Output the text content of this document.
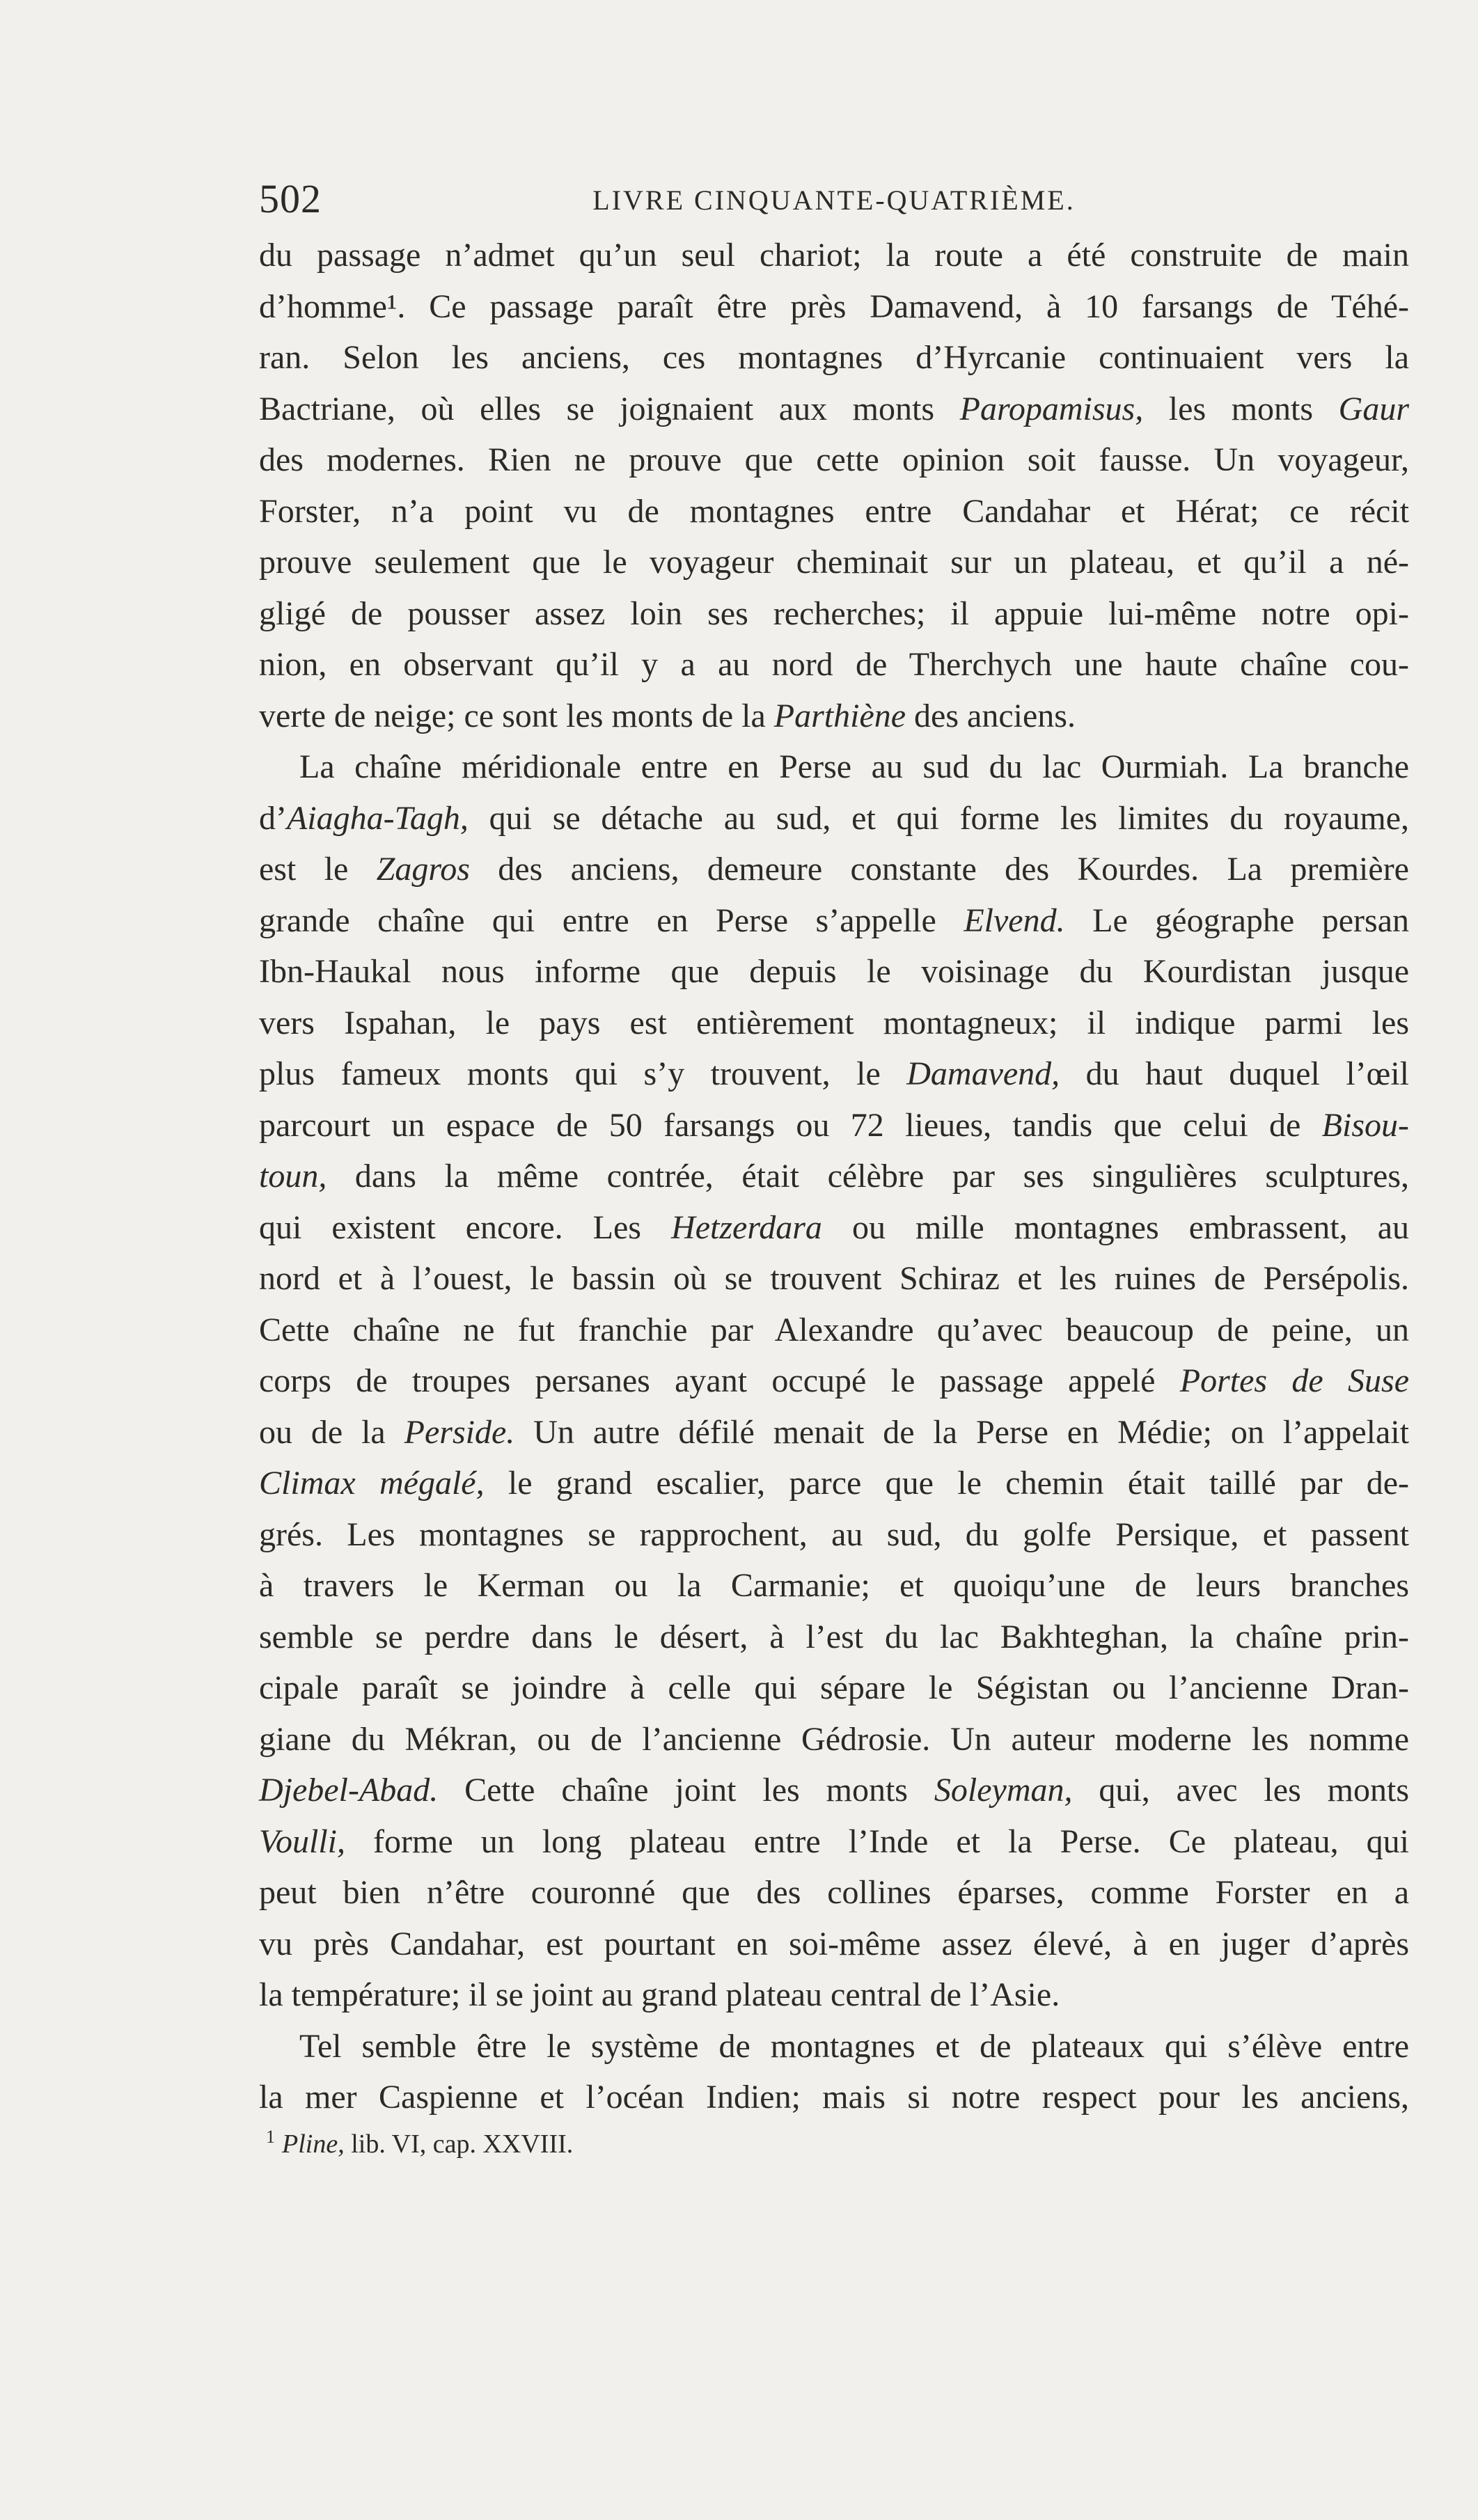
502	LIVRE CINQUANTE-QUATRIÈME.
du passage n’admet qu’un seul chariot; la route a été construite de main
d’homme¹. Ce passage paraît être près Damavend, à 10 farsangs de Téhé-
ran. Selon les anciens, ces montagnes d’Hyrcanie continuaient vers la
Bactriane, où elles se joignaient aux monts Paropamisus, les monts Gaur
des modernes. Rien ne prouve que cette opinion soit fausse. Un voyageur,
Forster, n’a point vu de montagnes entre Candahar et Hérat; ce récit
prouve seulement que le voyageur cheminait sur un plateau, et qu’il a né-
gligé de pousser assez loin ses recherches; il appuie lui-même notre opi-
nion, en observant qu’il y a au nord de Therchych une haute chaîne cou-
verte de neige; ce sont les monts de la Parthiène des anciens.
La chaîne méridionale entre en Perse au sud du lac Ourmiah. La branche
d’Aiagha-Tagh, qui se détache au sud, et qui forme les limites du royaume,
est le Zagros des anciens, demeure constante des Kourdes. La première
grande chaîne qui entre en Perse s’appelle Elvend. Le géographe persan
Ibn-Haukal nous informe que depuis le voisinage du Kourdistan jusque
vers Ispahan, le pays est entièrement montagneux; il indique parmi les
plus fameux monts qui s’y trouvent, le Damavend, du haut duquel l’œil
parcourt un espace de 50 farsangs ou 72 lieues, tandis que celui de Bisou-
toun, dans la même contrée, était célèbre par ses singulières sculptures,
qui existent encore. Les Hetzerdara ou mille montagnes embrassent, au
nord et à l’ouest, le bassin où se trouvent Schiraz et les ruines de Persépolis.
Cette chaîne ne fut franchie par Alexandre qu’avec beaucoup de peine, un
corps de troupes persanes ayant occupé le passage appelé Portes de Suse
ou de la Perside. Un autre défilé menait de la Perse en Médie; on l’appelait
Climax mégalé, le grand escalier, parce que le chemin était taillé par de-
grés. Les montagnes se rapprochent, au sud, du golfe Persique, et passent
à travers le Kerman ou la Carmanie; et quoiqu’une de leurs branches
semble se perdre dans le désert, à l’est du lac Bakhteghan, la chaîne prin-
cipale paraît se joindre à celle qui sépare le Ségistan ou l’ancienne Dran-
giane du Mékran, ou de l’ancienne Gédrosie. Un auteur moderne les nomme
Djebel-Abad. Cette chaîne joint les monts Soleyman, qui, avec les monts
Voulli, forme un long plateau entre l’Inde et la Perse. Ce plateau, qui
peut bien n’être couronné que des collines éparses, comme Forster en a
vu près Candahar, est pourtant en soi-même assez élevé, à en juger d’après
la température; il se joint au grand plateau central de l’Asie.
Tel semble être le système de montagnes et de plateaux qui s’élève entre
la mer Caspienne et l’océan Indien; mais si notre respect pour les anciens,
$^1$ Pline, lib. VI, cap. XXVIII.
